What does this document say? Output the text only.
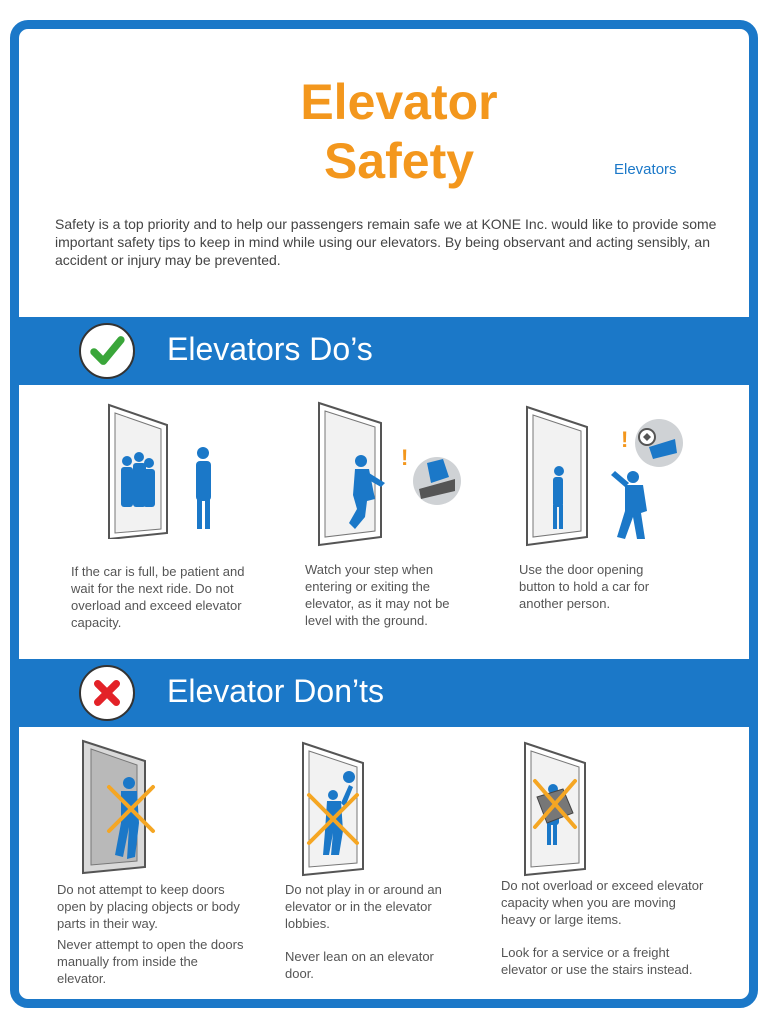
Elevator
Safety	Elevators
Safety is a top priority and to help our passengers remain safe we at KONE Inc. would like to provide some important safety tips to keep in mind while using our elevators. By being observant and acting sensibly, an accident or injury may be prevented.
Elevators Do’s
!
!
If the car is full, be patient and wait for the next ride. Do not overload and exceed elevator capacity.
Watch your step when entering or exiting the elevator, as it may not be level with the ground.
Use the door opening button to hold a car for another person.
Elevator Don’ts

Do not attempt to keep doors open by placing objects or body parts in their way.

Never attempt to open the doors manually from inside the elevator.

Do not play in or around an elevator or in the elevator lobbies.

Never lean on an elevator door.

Do not overload or exceed elevator capacity when you are moving heavy or large items.

Look for a service or a freight elevator or use the stairs instead.
